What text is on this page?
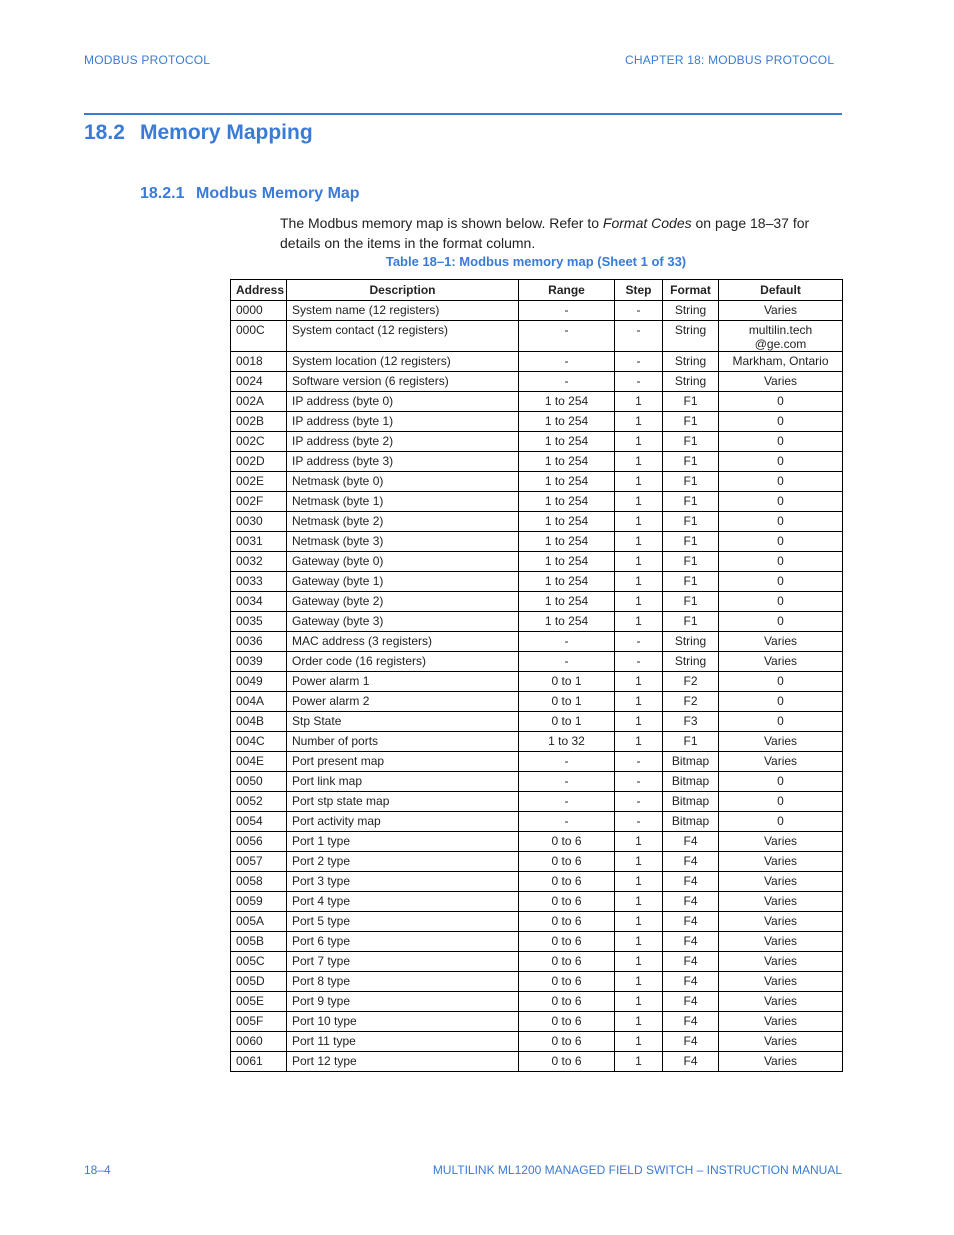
MODBUS PROTOCOL	CHAPTER 18: MODBUS PROTOCOL
18.2 Memory Mapping
18.2.1 Modbus Memory Map
The Modbus memory map is shown below. Refer to Format Codes on page 18–37 for details on the items in the format column.
Table 18–1: Modbus memory map (Sheet 1 of 33)
Address	Description	Range	Step	Format	Default
0000	System name (12 registers)	-	-	String	Varies
000C	System contact (12 registers)	-	-	String	multilin.tech
@ge.com
0018	System location (12 registers)	-	-	String	Markham, Ontario
0024	Software version (6 registers)	-	-	String	Varies
002A	IP address (byte 0)	1 to 254	1	F1	0
002B	IP address (byte 1)	1 to 254	1	F1	0
002C	IP address (byte 2)	1 to 254	1	F1	0
002D	IP address (byte 3)	1 to 254	1	F1	0
002E	Netmask (byte 0)	1 to 254	1	F1	0
002F	Netmask (byte 1)	1 to 254	1	F1	0
0030	Netmask (byte 2)	1 to 254	1	F1	0
0031	Netmask (byte 3)	1 to 254	1	F1	0
0032	Gateway (byte 0)	1 to 254	1	F1	0
0033	Gateway (byte 1)	1 to 254	1	F1	0
0034	Gateway (byte 2)	1 to 254	1	F1	0
0035	Gateway (byte 3)	1 to 254	1	F1	0
0036	MAC address (3 registers)	-	-	String	Varies
0039	Order code (16 registers)	-	-	String	Varies
0049	Power alarm 1	0 to 1	1	F2	0
004A	Power alarm 2	0 to 1	1	F2	0
004B	Stp State	0 to 1	1	F3	0
004C	Number of ports	1 to 32	1	F1	Varies
004E	Port present map	-	-	Bitmap	Varies
0050	Port link map	-	-	Bitmap	0
0052	Port stp state map	-	-	Bitmap	0
0054	Port activity map	-	-	Bitmap	0
0056	Port 1 type	0 to 6	1	F4	Varies
0057	Port 2 type	0 to 6	1	F4	Varies
0058	Port 3 type	0 to 6	1	F4	Varies
0059	Port 4 type	0 to 6	1	F4	Varies
005A	Port 5 type	0 to 6	1	F4	Varies
005B	Port 6 type	0 to 6	1	F4	Varies
005C	Port 7 type	0 to 6	1	F4	Varies
005D	Port 8 type	0 to 6	1	F4	Varies
005E	Port 9 type	0 to 6	1	F4	Varies
005F	Port 10 type	0 to 6	1	F4	Varies
0060	Port 11 type	0 to 6	1	F4	Varies
0061	Port 12 type	0 to 6	1	F4	Varies
18–4	MULTILINK ML1200 MANAGED FIELD SWITCH – INSTRUCTION MANUAL
